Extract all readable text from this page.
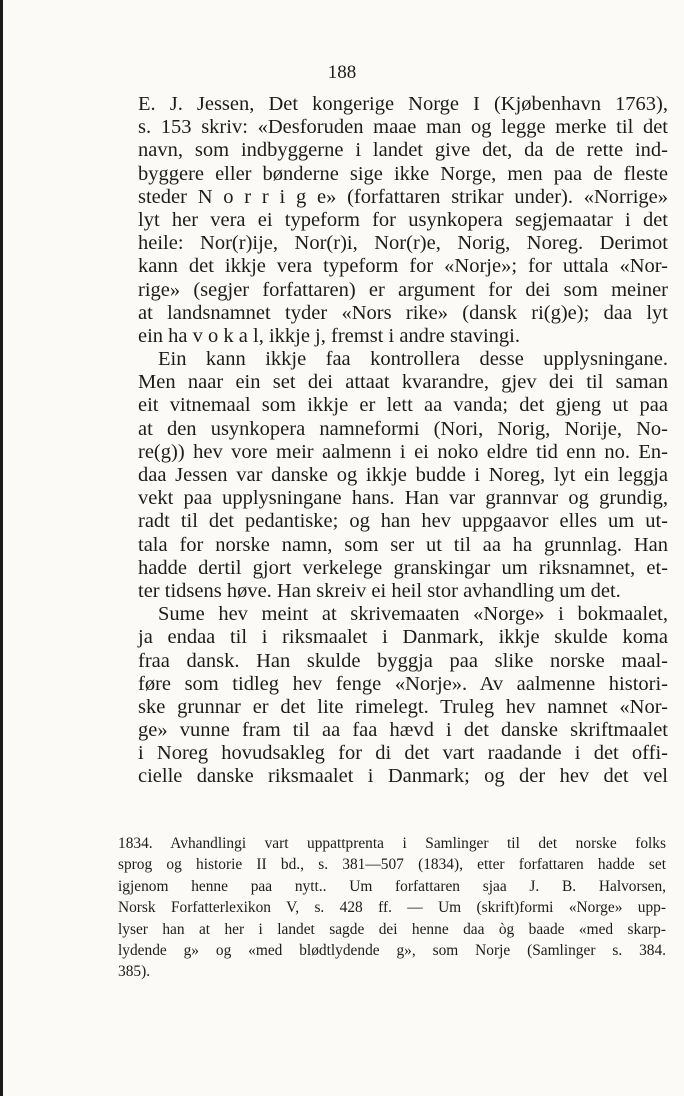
188
E. J. Jessen, Det kongerige Norge I (Kjøbenhavn 1763),
s. 153 skriv: «Desforuden maae man og legge merke til det
navn, som indbyggerne i landet give det, da de rette ind-
byggere eller bønderne sige ikke Norge, men paa de fleste
steder N o r r i g e» (forfattaren strikar under). «Norrige»
lyt her vera ei typeform for usynkopera segjemaatar i det
heile: Nor(r)ije, Nor(r)i, Nor(r)e, Norig, Noreg. Derimot
kann det ikkje vera typeform for «Norje»; for uttala «Nor-
rige» (segjer forfattaren) er argument for dei som meiner
at landsnamnet tyder «Nors rike» (dansk ri(g)e); daa lyt
ein ha v o k a l, ikkje j, fremst i andre stavingi.
Ein kann ikkje faa kontrollera desse upplysningane.
Men naar ein set dei attaat kvarandre, gjev dei til saman
eit vitnemaal som ikkje er lett aa vanda; det gjeng ut paa
at den usynkopera namneformi (Nori, Norig, Norije, No-
re(g)) hev vore meir aalmenn i ei noko eldre tid enn no. En-
daa Jessen var danske og ikkje budde i Noreg, lyt ein leggja
vekt paa upplysningane hans. Han var grannvar og grundig,
radt til det pedantiske; og han hev uppgaavor elles um ut-
tala for norske namn, som ser ut til aa ha grunnlag. Han
hadde dertil gjort verkelege granskingar um riksnamnet, et-
ter tidsens høve. Han skreiv ei heil stor avhandling um det.
Sume hev meint at skrivemaaten «Norge» i bokmaalet,
ja endaa til i riksmaalet i Danmark, ikkje skulde koma
fraa dansk. Han skulde byggja paa slike norske maal-
føre som tidleg hev fenge «Norje». Av aalmenne histori-
ske grunnar er det lite rimelegt. Truleg hev namnet «Nor-
ge» vunne fram til aa faa hævd i det danske skriftmaalet
i Noreg hovudsakleg for di det vart raadande i det offi-
cielle danske riksmaalet i Danmark; og der hev det vel
1834. Avhandlingi vart uppattprenta i Samlinger til det norske folks
sprog og historie II bd., s. 381—507 (1834), etter forfattaren hadde set
igjenom henne paa nytt.. Um forfattaren sjaa J. B. Halvorsen,
Norsk Forfatterlexikon V, s. 428 ff. — Um (skrift)formi «Norge» upp-
lyser han at her i landet sagde dei henne daa òg baade «med skarp-
lydende g» og «med blødtlydende g», som Norje (Samlinger s. 384.
385).
